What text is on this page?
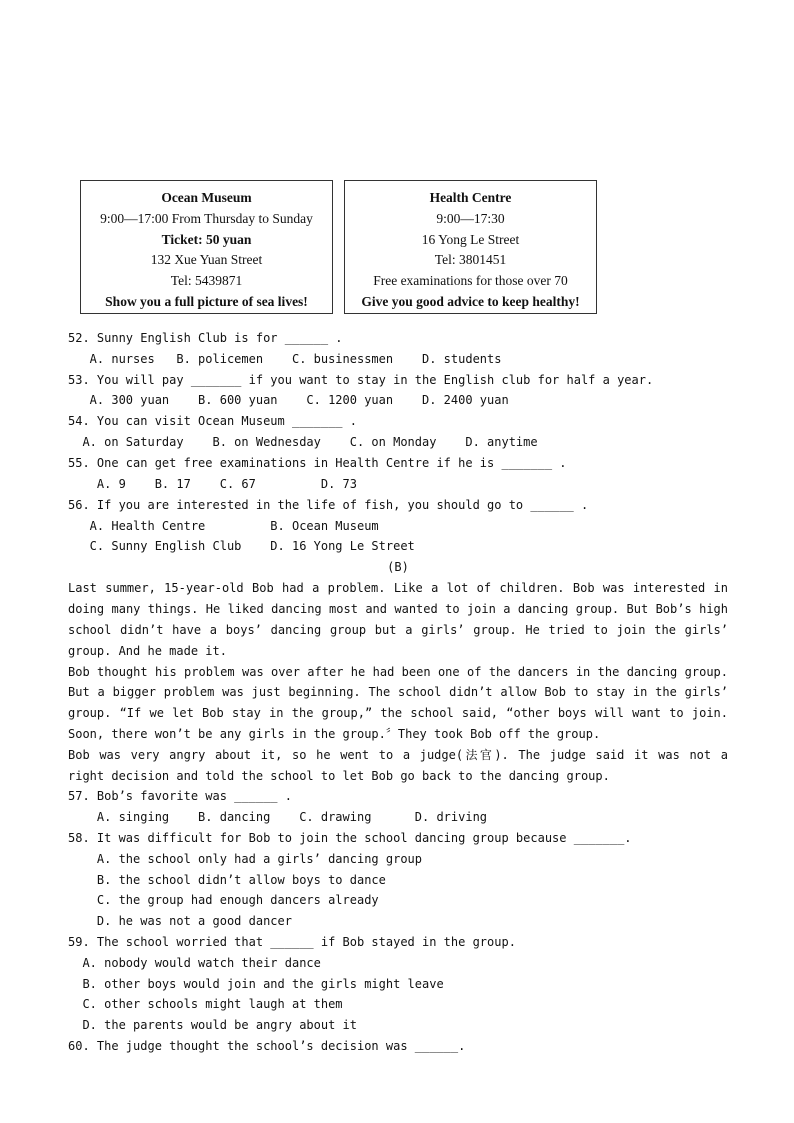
Ocean Museum
9:00—17:00 From Thursday to Sunday
Ticket: 50 yuan
132 Xue Yuan Street
Tel: 5439871
Show you a full picture of sea lives!
Health Centre
9:00—17:30
16 Yong Le Street
Tel: 3801451
Free examinations for those over 70
Give you good advice to keep healthy!
52. Sunny English Club is for ______ .
A. nurses   B. policemen    C. businessmen    D. students
53. You will pay _______ if you want to stay in the English club for half a year.
A. 300 yuan    B. 600 yuan    C. 1200 yuan    D. 2400 yuan
54. You can visit Ocean Museum _______ .
A. on Saturday    B. on Wednesday    C. on Monday    D. anytime
55. One can get free examinations in Health Centre if he is _______ .
A. 9    B. 17    C. 67         D. 73
56. If you are interested in the life of fish, you should go to ______ .
A. Health Centre         B. Ocean Museum
C. Sunny English Club    D. 16 Yong Le Street
(B)
Last summer, 15-year-old Bob had a problem. Like a lot of children. Bob was interested in
doing many things. He liked dancing most and wanted to join a dancing group. But Bob’s high
school didn’t have a boys’ dancing group but a girls’ group. He tried to join the girls’
group. And he made it.
Bob thought his problem was over after he had been one of the dancers in the dancing group.
But a bigger problem was just beginning. The school didn’t allow Bob to stay in the girls’
group. “If we let Bob stay in the group,” the school said, “other boys will want to join.
Soon, there won’t be any girls in the group.〞They took Bob off the group.
Bob was very angry about it, so he went to a judge(法官). The judge said it was not a
right decision and told the school to let Bob go back to the dancing group.
57. Bob’s favorite was ______ .
A. singing    B. dancing    C. drawing      D. driving
58. It was difficult for Bob to join the school dancing group because _______.
A. the school only had a girls’ dancing group
B. the school didn’t allow boys to dance
C. the group had enough dancers already
D. he was not a good dancer
59. The school worried that ______ if Bob stayed in the group.
A. nobody would watch their dance
B. other boys would join and the girls might leave
C. other schools might laugh at them
D. the parents would be angry about it
60. The judge thought the school’s decision was ______.
